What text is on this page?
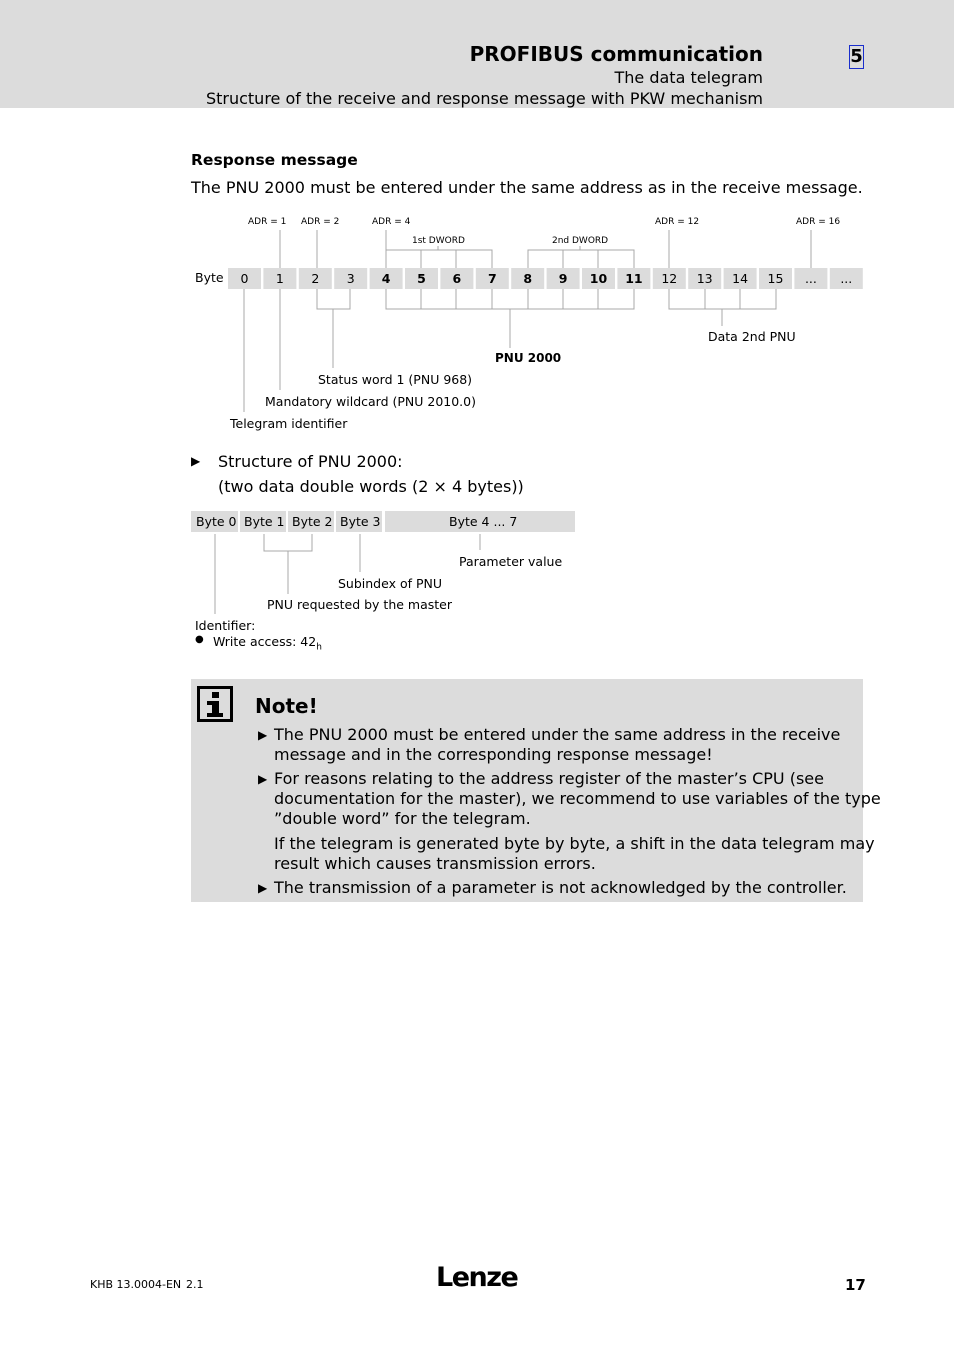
PROFIBUS communication
The data telegram
Structure of the receive and response message with PKW mechanism
5
Response message
The PNU 2000 must be entered under the same address as in the receive message.
0 1 2 3 4 5 6 7 8 9 10 11 12 13 14 15 ... ...
Byte
ADR = 1 ADR = 2	ADR = 4	ADR = 12	ADR = 16
1st DWORD	2nd DWORD
PNU 2000
Data 2nd PNU
Status word 1 (PNU 968)
Mandatory wildcard (PNU 2010.0)
Telegram identifier
▶ Structure of PNU 2000:
(two data double words (2 × 4 bytes))
Byte 0 Byte 1 Byte 2 Byte 3	Byte 4 ... 7
Parameter value
Subindex of PNU
PNU requested by the master
Identifier:
● Write access: $42_h$
Note!
▶ The PNU 2000 must be entered under the same address in the receive
message and in the corresponding response message!
▶ For reasons relating to the address register of the master’s CPU (see
documentation for the master), we recommend to use variables of the type
”double word” for the telegram.
If the telegram is generated byte by byte, a shift in the data telegram may
result which causes transmission errors.
▶ The transmission of a parameter is not acknowledged by the controller.
KHB 13.0004-EN 2.1	Lenze	17
